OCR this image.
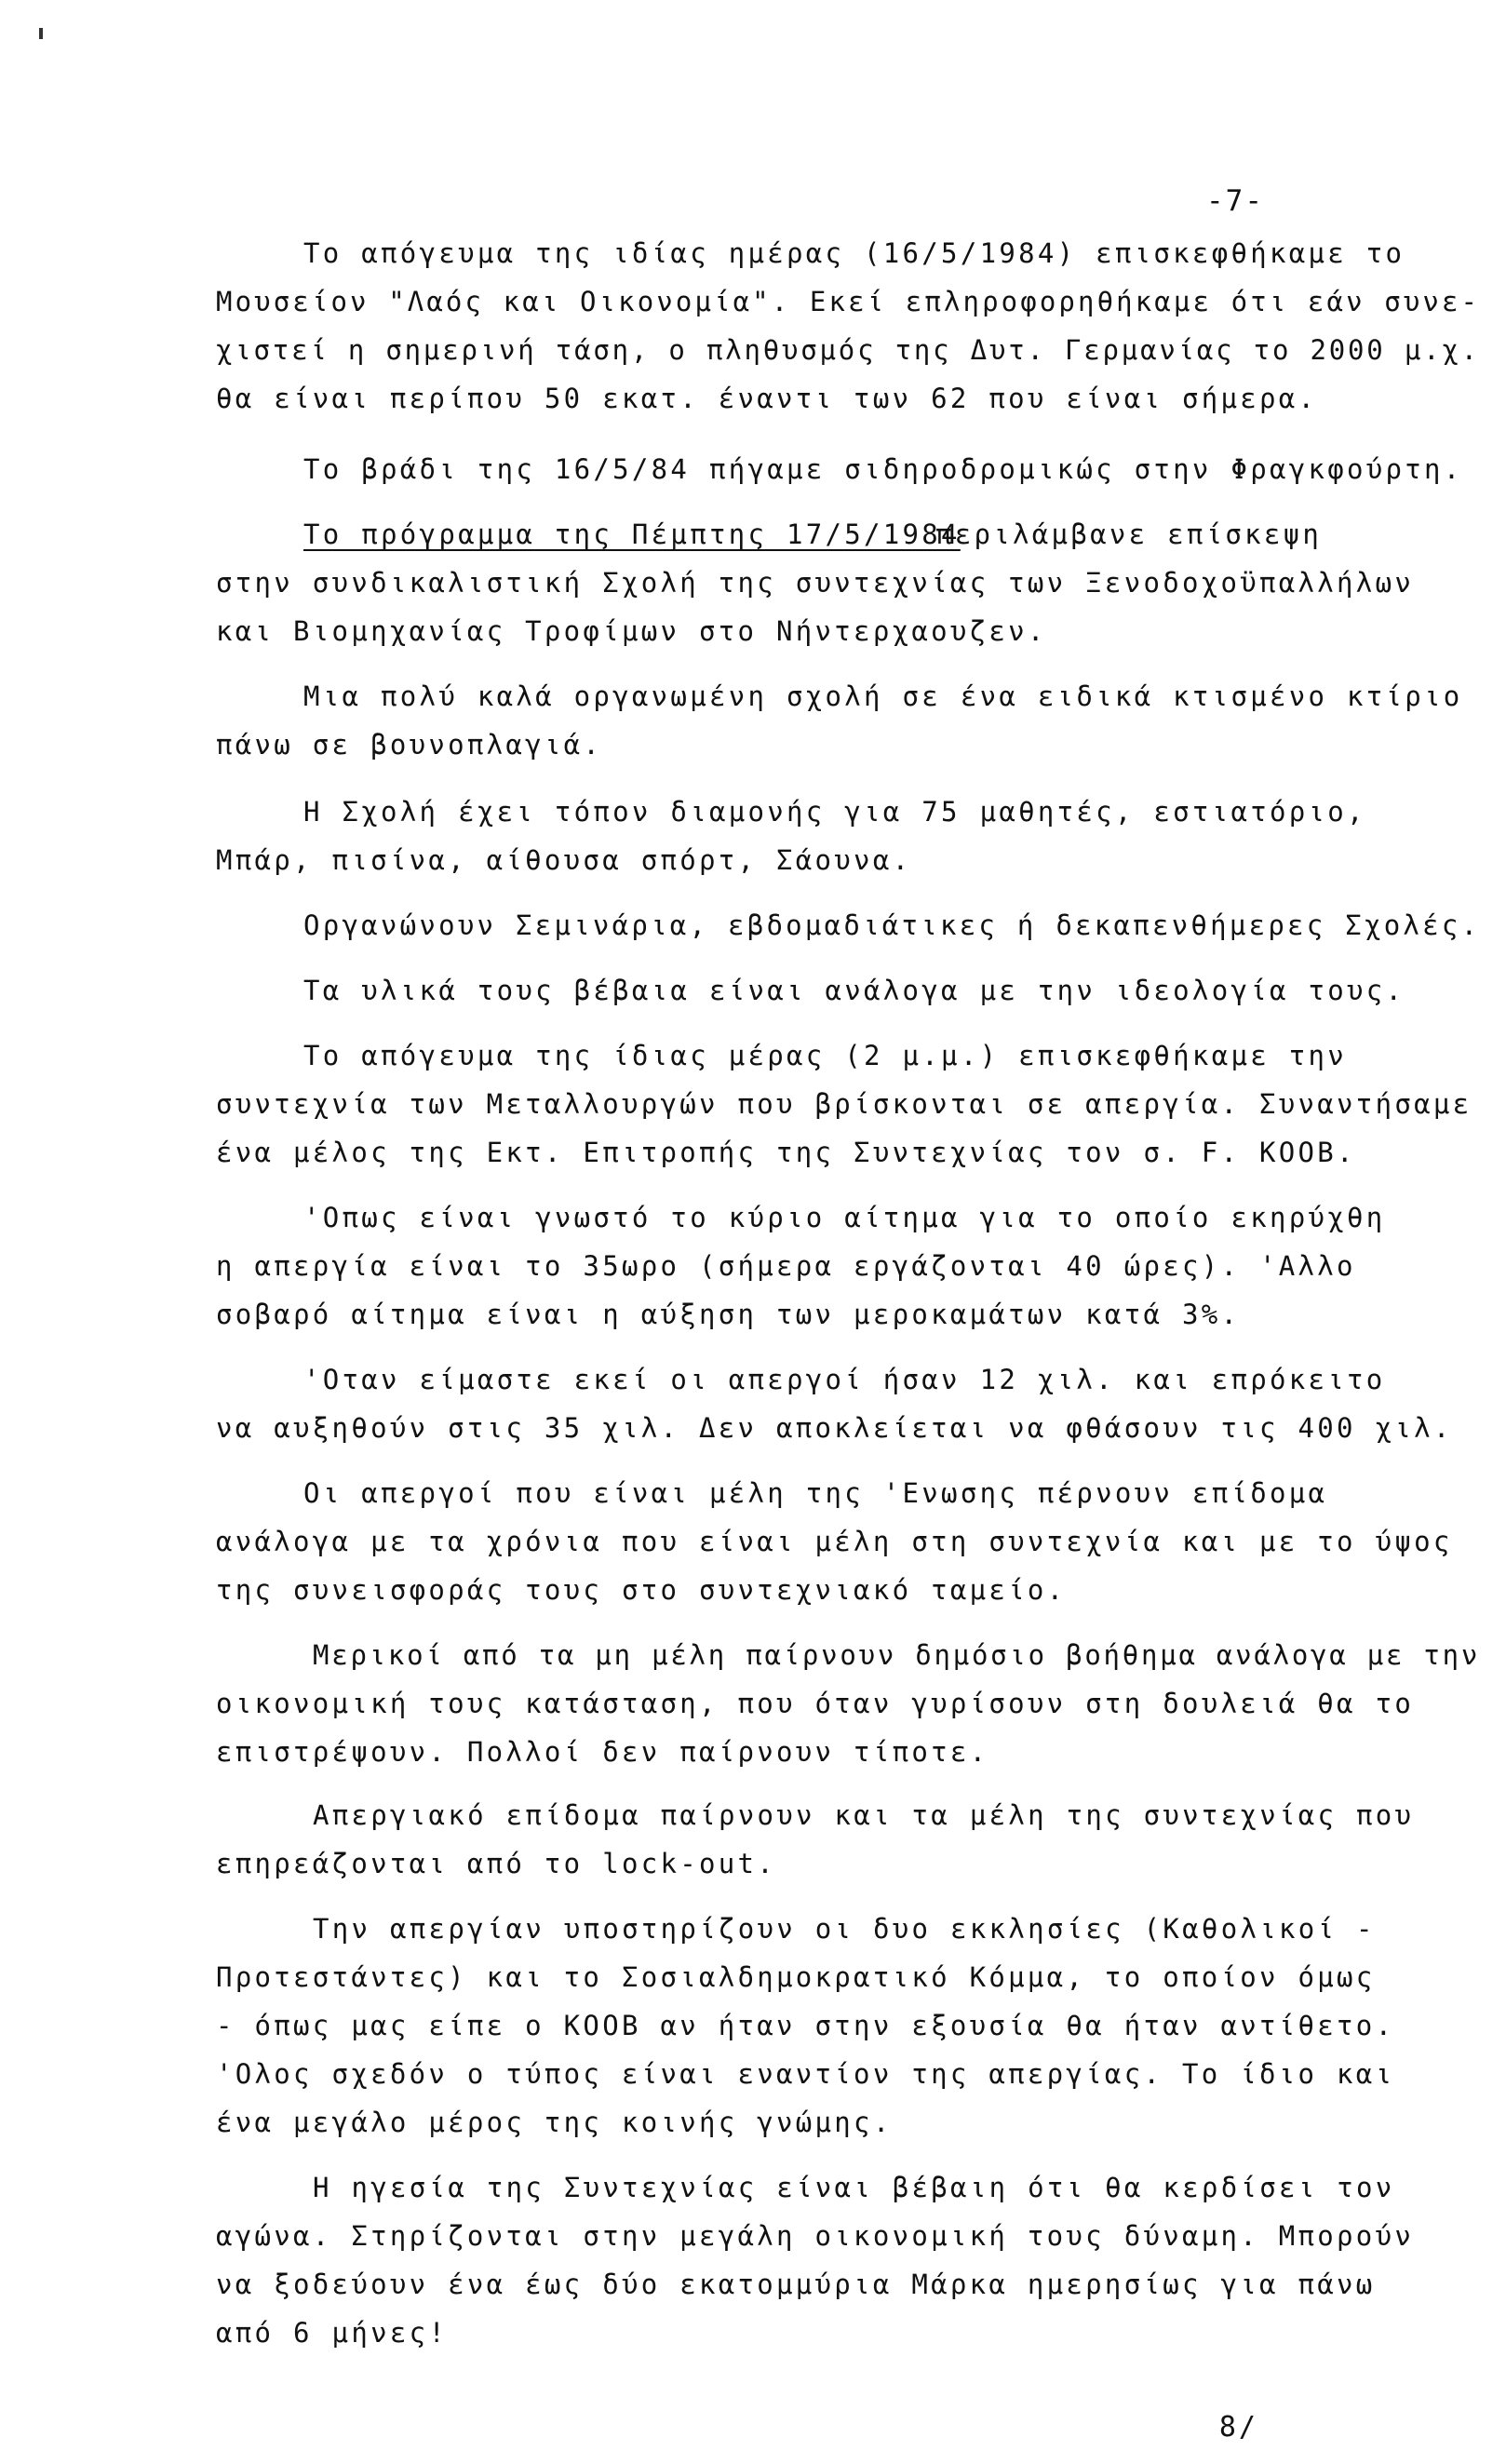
-7-
Το απόγευμα της ιδίας ημέρας (16/5/1984) επισκεφθήκαμε το
Μουσείον "Λαός και Οικονομία". Εκεί επληροφορηθήκαμε ότι εάν συνε-
χιστεί η σημερινή τάση, ο πληθυσμός της Δυτ. Γερμανίας το 2000 μ.χ.
θα είναι περίπου 50 εκατ. έναντι των 62 που είναι σήμερα.
Το βράδι της 16/5/84 πήγαμε σιδηροδρομικώς στην Φραγκφούρτη.
Το πρόγραμμα της Πέμπτης 17/5/1984
περιλάμβανε επίσκεψη
στην συνδικαλιστική Σχολή της συντεχνίας των Ξενοδοχοϋπαλλήλων
και Βιομηχανίας Τροφίμων στο Νήντερχαουζεν.
Μια πολύ καλά οργανωμένη σχολή σε ένα ειδικά κτισμένο κτίριο
πάνω σε βουνοπλαγιά.
Η Σχολή έχει τόπον διαμονής για 75 μαθητές, εστιατόριο,
Μπάρ, πισίνα, αίθουσα σπόρτ, Σάουνα.
Οργανώνουν Σεμινάρια, εβδομαδιάτικες ή δεκαπενθήμερες Σχολές.
Τα υλικά τους βέβαια είναι ανάλογα με την ιδεολογία τους.
Το απόγευμα της ίδιας μέρας (2 μ.μ.) επισκεφθήκαμε την
συντεχνία των Μεταλλουργών που βρίσκονται σε απεργία. Συναντήσαμε
ένα μέλος της Εκτ. Επιτροπής της Συντεχνίας τον σ. F. KOOB.
'Οπως είναι γνωστό το κύριο αίτημα για το οποίο εκηρύχθη
η απεργία είναι το 35ωρο (σήμερα εργάζονται 40 ώρες). 'Αλλο
σοβαρό αίτημα είναι η αύξηση των μεροκαμάτων κατά 3%.
'Οταν είμαστε εκεί οι απεργοί ήσαν 12 χιλ. και επρόκειτο
να αυξηθούν στις 35 χιλ. Δεν αποκλείεται να φθάσουν τις 400 χιλ.
Οι απεργοί που είναι μέλη της 'Ενωσης πέρνουν επίδομα
ανάλογα με τα χρόνια που είναι μέλη στη συντεχνία και με το ύψος
της συνεισφοράς τους στο συντεχνιακό ταμείο.
Μερικοί από τα μη μέλη παίρνουν δημόσιο βοήθημα ανάλογα με την
οικονομική τους κατάσταση, που όταν γυρίσουν στη δουλειά θα το
επιστρέψουν. Πολλοί δεν παίρνουν τίποτε.
Απεργιακό επίδομα παίρνουν και τα μέλη της συντεχνίας που
επηρεάζονται από το lock-out.
Την απεργίαν υποστηρίζουν οι δυο εκκλησίες (Καθολικοί -
Προτεστάντες) και το Σοσιαλδημοκρατικό Κόμμα, το οποίον όμως
- όπως μας είπε ο KOOB αν ήταν στην εξουσία θα ήταν αντίθετο.
'Ολος σχεδόν ο τύπος είναι εναντίον της απεργίας. Το ίδιο και
ένα μεγάλο μέρος της κοινής γνώμης.
Η ηγεσία της Συντεχνίας είναι βέβαιη ότι θα κερδίσει τον
αγώνα. Στηρίζονται στην μεγάλη οικονομική τους δύναμη. Μπορούν
να ξοδεύουν ένα έως δύο εκατομμύρια Μάρκα ημερησίως για πάνω
από 6 μήνες!
8/
